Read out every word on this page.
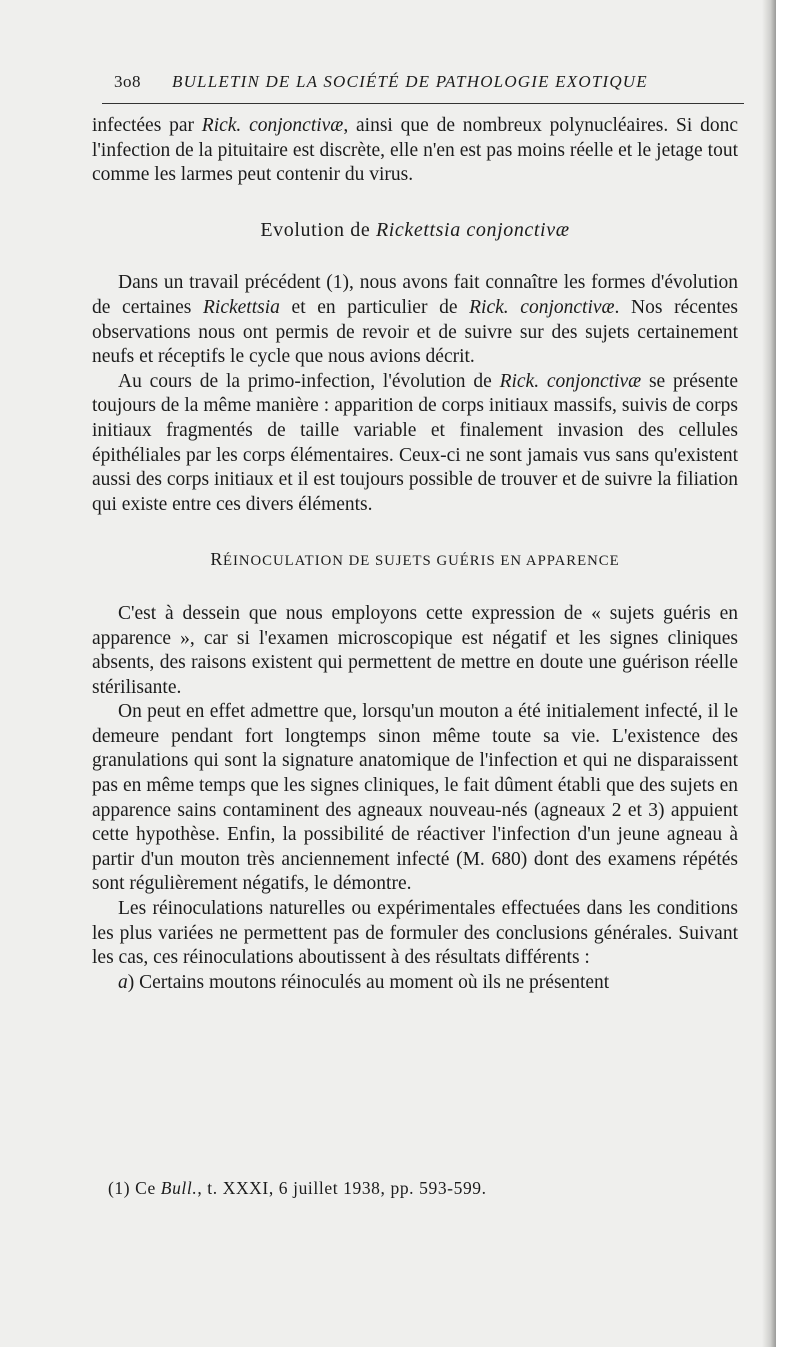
3o8 BULLETIN DE LA SOCIÉTÉ DE PATHOLOGIE EXOTIQUE

infectées par Rick. conjonctivæ, ainsi que de nombreux polynucléaires. Si donc l'infection de la pituitaire est discrète, elle n'en est pas moins réelle et le jetage tout comme les larmes peut contenir du virus.

Evolution de Rickettsia conjonctivæ

Dans un travail précédent (1), nous avons fait connaître les formes d'évolution de certaines Rickettsia et en particulier de Rick. conjonctivæ. Nos récentes observations nous ont permis de revoir et de suivre sur des sujets certainement neufs et réceptifs le cycle que nous avions décrit.

Au cours de la primo-infection, l'évolution de Rick. conjonctivæ se présente toujours de la même manière : apparition de corps initiaux massifs, suivis de corps initiaux fragmentés de taille variable et finalement invasion des cellules épithéliales par les corps élémentaires. Ceux-ci ne sont jamais vus sans qu'existent aussi des corps initiaux et il est toujours possible de trouver et de suivre la filiation qui existe entre ces divers éléments.

RÉINOCULATION DE SUJETS GUÉRIS EN APPARENCE

C'est à dessein que nous employons cette expression de « sujets guéris en apparence », car si l'examen microscopique est négatif et les signes cliniques absents, des raisons existent qui permettent de mettre en doute une guérison réelle stérilisante.

On peut en effet admettre que, lorsqu'un mouton a été initialement infecté, il le demeure pendant fort longtemps sinon même toute sa vie. L'existence des granulations qui sont la signature anatomique de l'infection et qui ne disparaissent pas en même temps que les signes cliniques, le fait dûment établi que des sujets en apparence sains contaminent des agneaux nouveau-nés (agneaux 2 et 3) appuient cette hypothèse. Enfin, la possibilité de réactiver l'infection d'un jeune agneau à partir d'un mouton très anciennement infecté (M. 680) dont des examens répétés sont régulièrement négatifs, le démontre.

Les réinoculations naturelles ou expérimentales effectuées dans les conditions les plus variées ne permettent pas de formuler des conclusions générales. Suivant les cas, ces réinoculations aboutissent à des résultats différents :

a) Certains moutons réinoculés au moment où ils ne présentent

(1) Ce Bull., t. XXXI, 6 juillet 1938, pp. 593-599.
